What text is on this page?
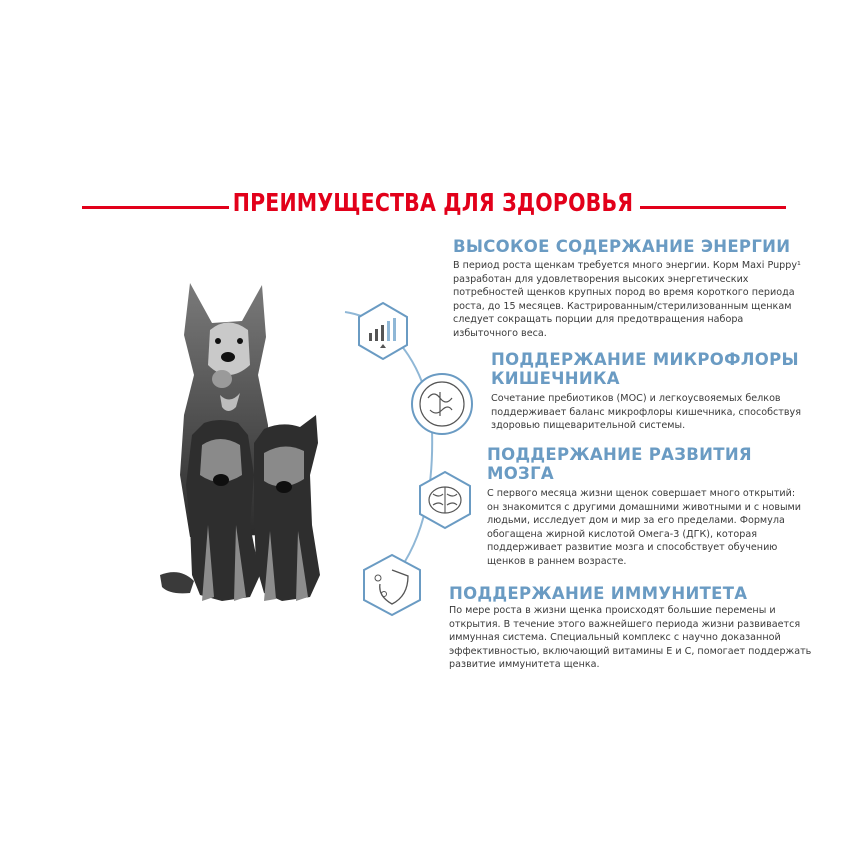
ПРЕИМУЩЕСТВА ДЛЯ ЗДОРОВЬЯ
ВЫСОКОЕ СОДЕРЖАНИЕ ЭНЕРГИИ
В период роста щенкам требуется много энергии. Корм Maxi Puppy¹
разработан для удовлетворения высоких энергетических
потребностей щенков крупных пород во время короткого периода
роста, до 15 месяцев. Кастрированным/стерилизованным щенкам
следует сокращать порции для предотвращения набора
избыточного веса.
ПОДДЕРЖАНИЕ МИКРОФЛОРЫ
КИШЕЧНИКА
Сочетание пребиотиков (МОС) и легкоусвояемых белков
поддерживает баланс микрофлоры кишечника, способствуя
здоровью пищеварительной системы.
ПОДДЕРЖАНИЕ РАЗВИТИЯ
МОЗГА
С первого месяца жизни щенок совершает много открытий:
он знакомится с другими домашними животными и с новыми
людьми, исследует дом и мир за его пределами. Формула
обогащена жирной кислотой Омега-3 (ДГК), которая
поддерживает развитие мозга и способствует обучению
щенков в раннем возрасте.
ПОДДЕРЖАНИЕ ИММУНИТЕТА
По мере роста в жизни щенка происходят большие перемены и
открытия. В течение этого важнейшего периода жизни развивается
иммунная система. Специальный комплекс с научно доказанной
эффективностью, включающий витамины Е и С, помогает поддержать
развитие иммунитета щенка.
